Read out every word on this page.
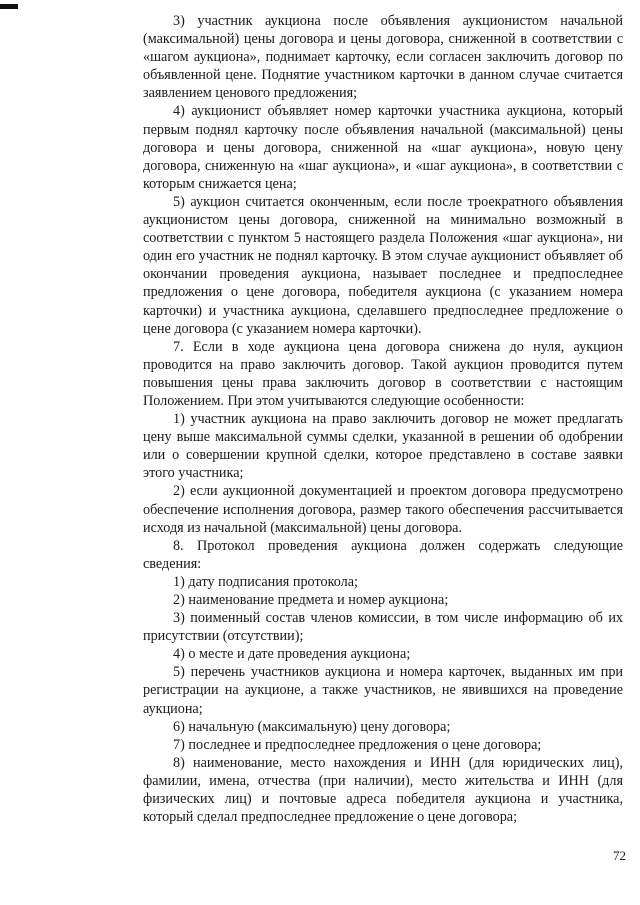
3) участник аукциона после объявления аукционистом начальной (максимальной) цены договора и цены договора, сниженной в соответствии с «шагом аукциона», поднимает карточку, если согласен заключить договор по объявленной цене. Поднятие участником карточки в данном случае считается заявлением ценового предложения;

4) аукционист объявляет номер карточки участника аукциона, который первым поднял карточку после объявления начальной (максимальной) цены договора и цены договора, сниженной на «шаг аукциона», новую цену договора, сниженную на «шаг аукциона», и «шаг аукциона», в соответствии с которым снижается цена;

5) аукцион считается оконченным, если после троекратного объявления аукционистом цены договора, сниженной на минимально возможный в соответствии с пунктом 5 настоящего раздела Положения «шаг аукциона», ни один его участник не поднял карточку. В этом случае аукционист объявляет об окончании проведения аукциона, называет последнее и предпоследнее предложения о цене договора, победителя аукциона (с указанием номера карточки) и участника аукциона, сделавшего предпоследнее предложение о цене договора (с указанием номера карточки).

7. Если в ходе аукциона цена договора снижена до нуля, аукцион проводится на право заключить договор. Такой аукцион проводится путем повышения цены права заключить договор в соответствии с настоящим Положением. При этом учитываются следующие особенности:

1) участник аукциона на право заключить договор не может предлагать цену выше максимальной суммы сделки, указанной в решении об одобрении или о совершении крупной сделки, которое представлено в составе заявки этого участника;

2) если аукционной документацией и проектом договора предусмотрено обеспечение исполнения договора, размер такого обеспечения рассчитывается исходя из начальной (максимальной) цены договора.

8. Протокол проведения аукциона должен содержать следующие сведения:

1) дату подписания протокола;

2) наименование предмета и номер аукциона;

3) поименный состав членов комиссии, в том числе информацию об их присутствии (отсутствии);

4) о месте и дате проведения аукциона;

5) перечень участников аукциона и номера карточек, выданных им при регистрации на аукционе, а также участников, не явившихся на проведение аукциона;

6) начальную (максимальную) цену договора;

7) последнее и предпоследнее предложения о цене договора;

8) наименование, место нахождения и ИНН (для юридических лиц), фамилии, имена, отчества (при наличии), место жительства и ИНН (для физических лиц) и почтовые адреса победителя аукциона и участника, который сделал предпоследнее предложение о цене договора;

72
